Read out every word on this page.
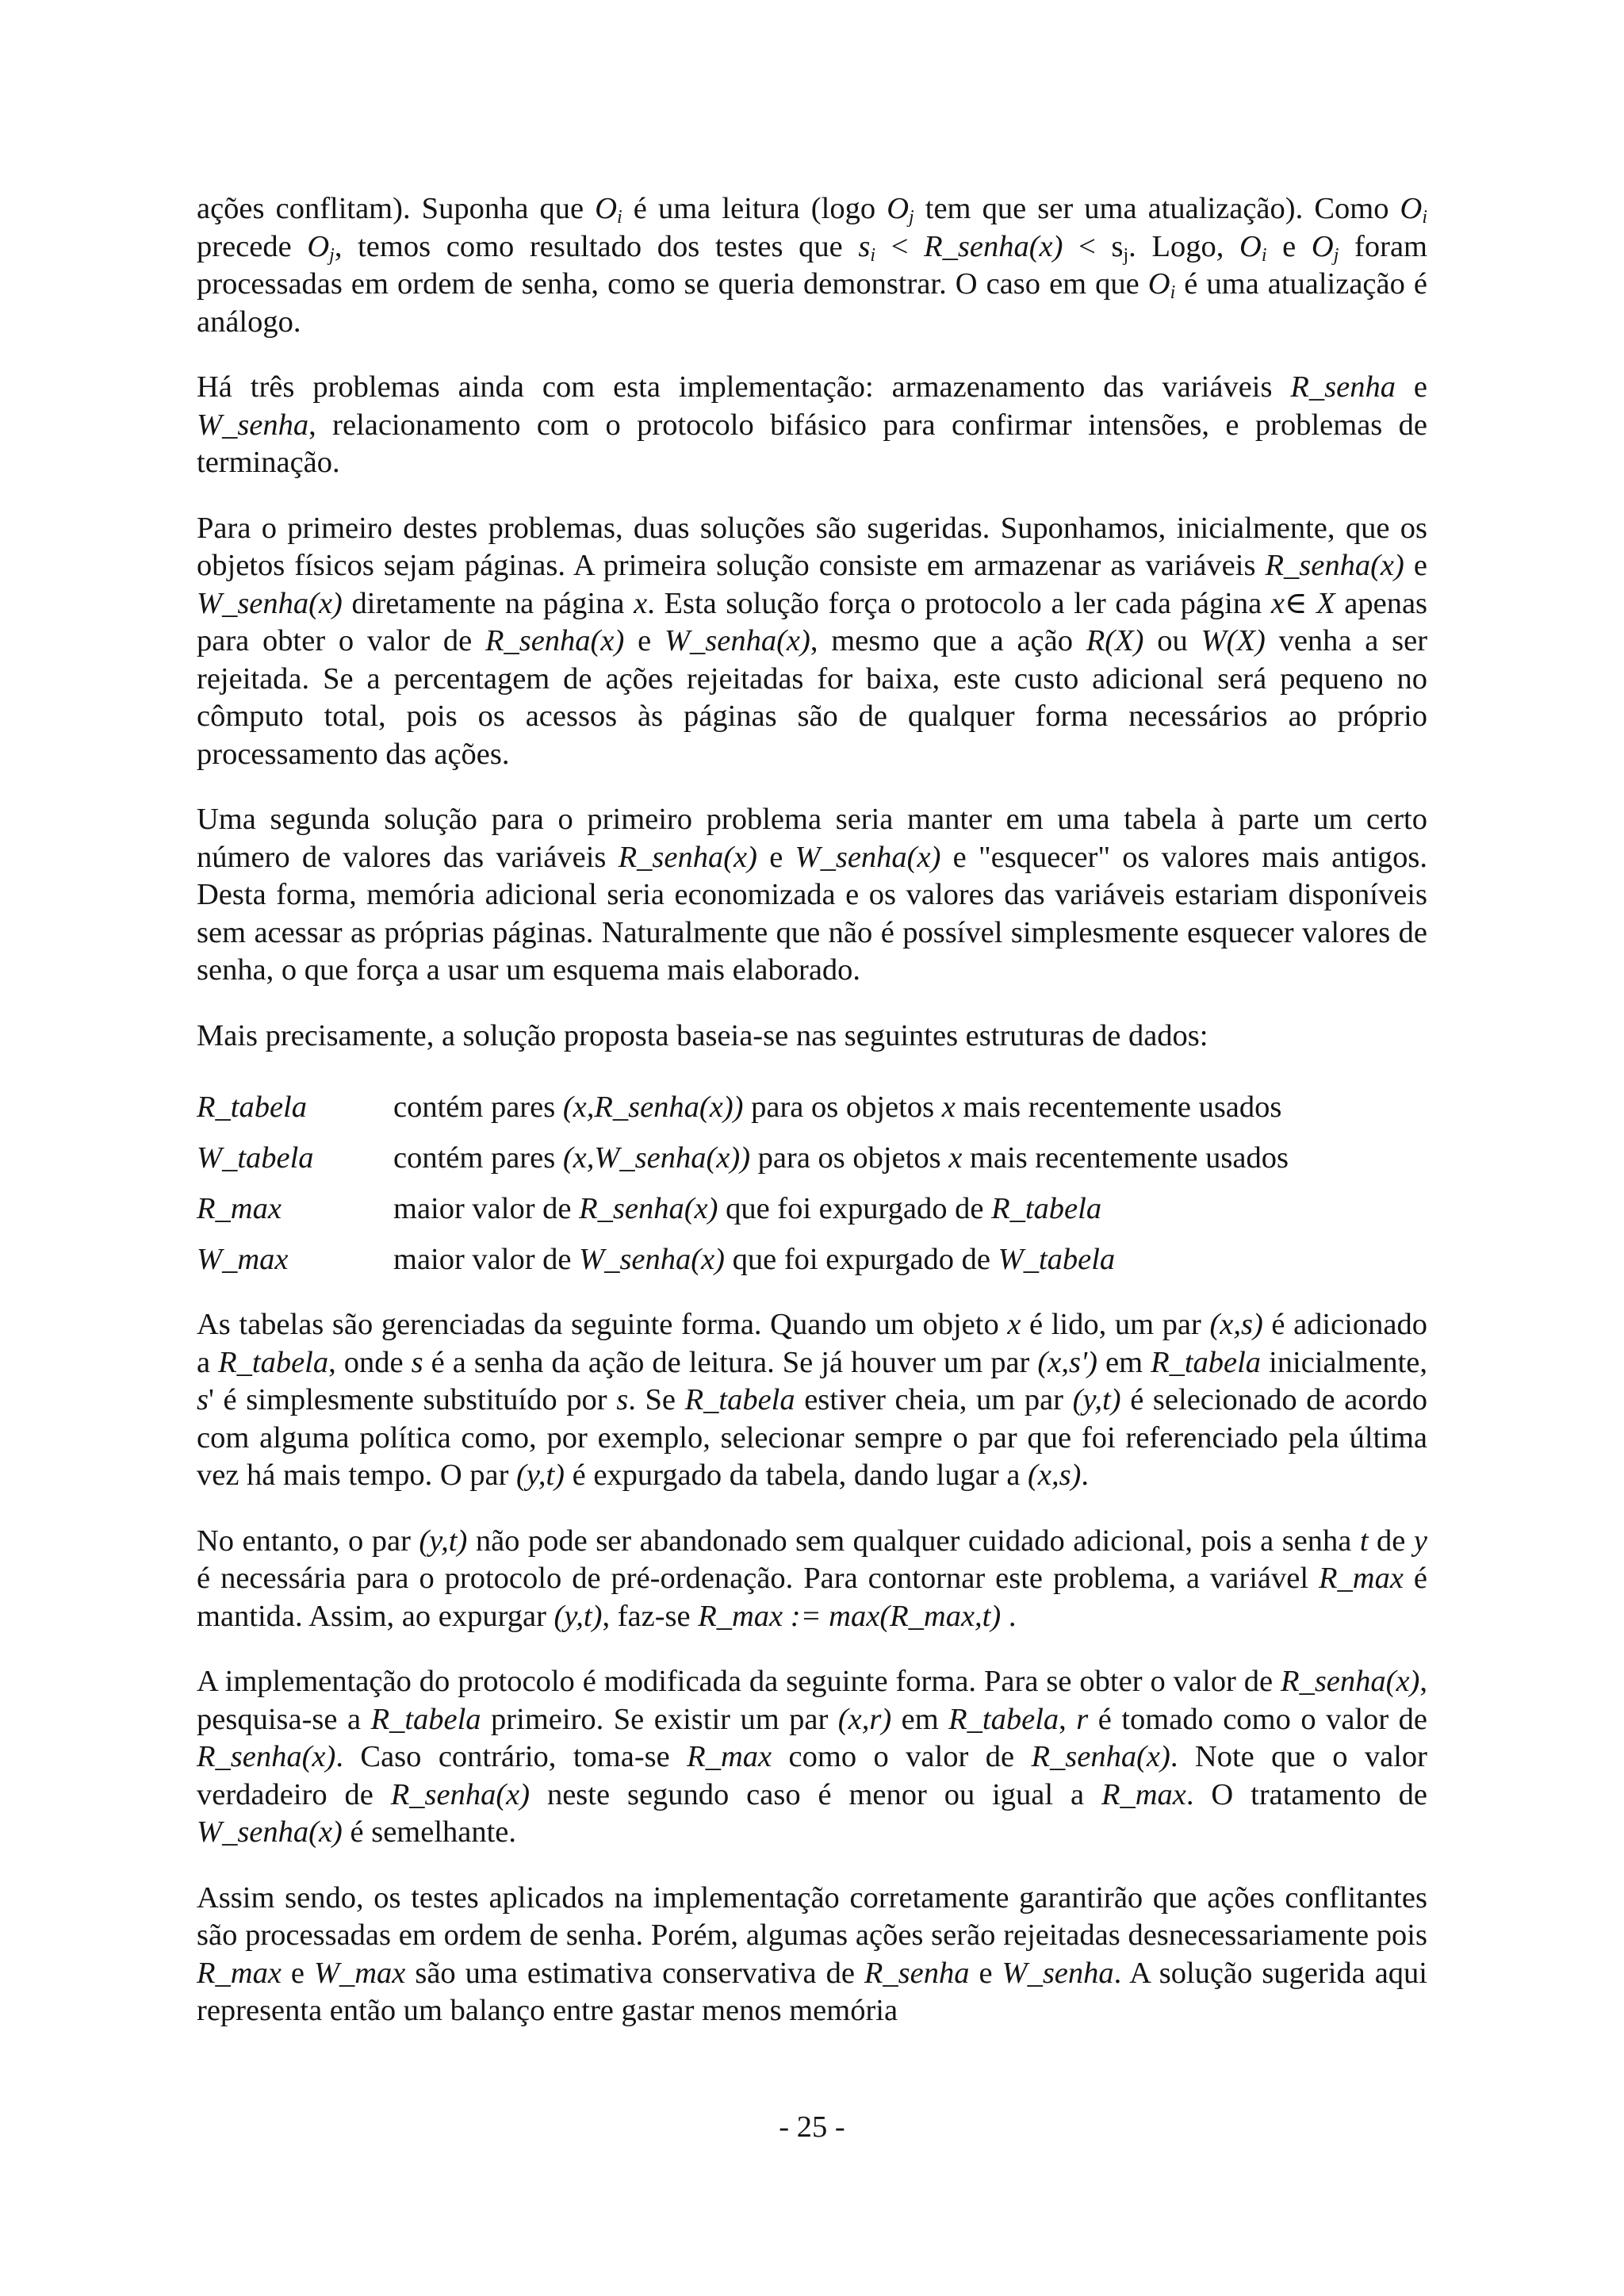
ações conflitam). Suponha que $O_i$ é uma leitura (logo $O_j$ tem que ser uma atualização). Como $O_i$ precede $O_j$, temos como resultado dos testes que $s_i$ < R_senha(x) < $s_j$. Logo, $O_i$ e $O_j$ foram processadas em ordem de senha, como se queria demonstrar. O caso em que $O_i$ é uma atualização é análogo.

Há três problemas ainda com esta implementação: armazenamento das variáveis R_senha e W_senha, relacionamento com o protocolo bifásico para confirmar intensões, e problemas de terminação.

Para o primeiro destes problemas, duas soluções são sugeridas. Suponhamos, inicialmente, que os objetos físicos sejam páginas. A primeira solução consiste em armazenar as variáveis R_senha(x) e W_senha(x) diretamente na página x. Esta solução força o protocolo a ler cada página x∈ X apenas para obter o valor de R_senha(x) e W_senha(x), mesmo que a ação R(X) ou W(X) venha a ser rejeitada. Se a percentagem de ações rejeitadas for baixa, este custo adicional será pequeno no cômputo total, pois os acessos às páginas são de qualquer forma necessários ao próprio processamento das ações.

Uma segunda solução para o primeiro problema seria manter em uma tabela à parte um certo número de valores das variáveis R_senha(x) e W_senha(x) e "esquecer" os valores mais antigos. Desta forma, memória adicional seria economizada e os valores das variáveis estariam disponíveis sem acessar as próprias páginas. Naturalmente que não é possível simplesmente esquecer valores de senha, o que força a usar um esquema mais elaborado.

Mais precisamente, a solução proposta baseia-se nas seguintes estruturas de dados:

R_tabela	contém pares (x,R_senha(x)) para os objetos x mais recentemente usados
W_tabela	contém pares (x,W_senha(x)) para os objetos x mais recentemente usados
R_max	maior valor de R_senha(x) que foi expurgado de R_tabela
W_max	maior valor de W_senha(x) que foi expurgado de W_tabela

As tabelas são gerenciadas da seguinte forma. Quando um objeto x é lido, um par (x,s) é adicionado a R_tabela, onde s é a senha da ação de leitura. Se já houver um par (x,s') em R_tabela inicialmente, s' é simplesmente substituído por s. Se R_tabela estiver cheia, um par (y,t) é selecionado de acordo com alguma política como, por exemplo, selecionar sempre o par que foi referenciado pela última vez há mais tempo. O par (y,t) é expurgado da tabela, dando lugar a (x,s).

No entanto, o par (y,t) não pode ser abandonado sem qualquer cuidado adicional, pois a senha t de y é necessária para o protocolo de pré-ordenação. Para contornar este problema, a variável R_max é mantida. Assim, ao expurgar (y,t), faz-se R_max := max(R_max,t) .

A implementação do protocolo é modificada da seguinte forma. Para se obter o valor de R_senha(x), pesquisa-se a R_tabela primeiro. Se existir um par (x,r) em R_tabela, r é tomado como o valor de R_senha(x). Caso contrário, toma-se R_max como o valor de R_senha(x). Note que o valor verdadeiro de R_senha(x) neste segundo caso é menor ou igual a R_max. O tratamento de W_senha(x) é semelhante.

Assim sendo, os testes aplicados na implementação corretamente garantirão que ações conflitantes são processadas em ordem de senha. Porém, algumas ações serão rejeitadas desnecessariamente pois R_max e W_max são uma estimativa conservativa de R_senha e W_senha. A solução sugerida aqui representa então um balanço entre gastar menos memória

- 25 -
